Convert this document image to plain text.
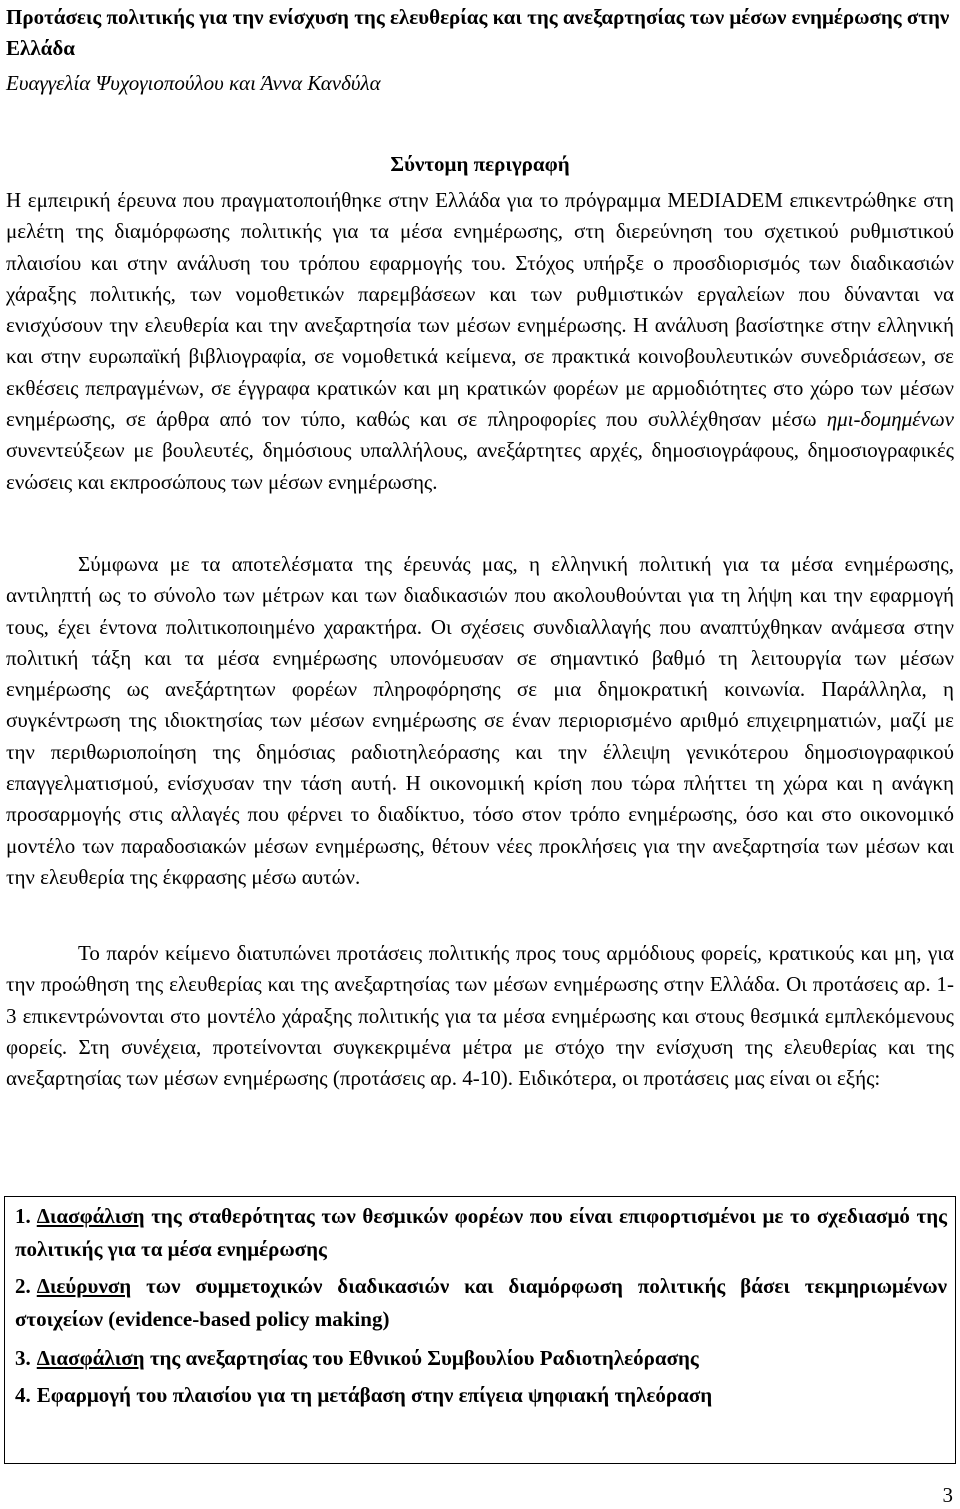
Προτάσεις πολιτικής για την ενίσχυση της ελευθερίας και της ανεξαρτησίας των μέσων ενημέρωσης στην Ελλάδα

Ευαγγελία Ψυχογιοπούλου και Άννα Κανδύλα

Σύντομη περιγραφή

Η εμπειρική έρευνα που πραγματοποιήθηκε στην Ελλάδα για το πρόγραμμα MEDIADEM επικεντρώθηκε στη μελέτη της διαμόρφωσης πολιτικής για τα μέσα ενημέρωσης, στη διερεύνηση του σχετικού ρυθμιστικού πλαισίου και στην ανάλυση του τρόπου εφαρμογής του. Στόχος υπήρξε ο προσδιορισμός των διαδικασιών χάραξης πολιτικής, των νομοθετικών παρεμβάσεων και των ρυθμιστικών εργαλείων που δύνανται να ενισχύσουν την ελευθερία και την ανεξαρτησία των μέσων ενημέρωσης. Η ανάλυση βασίστηκε στην ελληνική και στην ευρωπαϊκή βιβλιογραφία, σε νομοθετικά κείμενα, σε πρακτικά κοινοβουλευτικών συνεδριάσεων, σε εκθέσεις πεπραγμένων, σε έγγραφα κρατικών και μη κρατικών φορέων με αρμοδιότητες στο χώρο των μέσων ενημέρωσης, σε άρθρα από τον τύπο, καθώς και σε πληροφορίες που συλλέχθησαν μέσω ημι-δομημένων συνεντεύξεων με βουλευτές, δημόσιους υπαλλήλους, ανεξάρτητες αρχές, δημοσιογράφους, δημοσιογραφικές ενώσεις και εκπροσώπους των μέσων ενημέρωσης.

Σύμφωνα με τα αποτελέσματα της έρευνάς μας, η ελληνική πολιτική για τα μέσα ενημέρωσης, αντιληπτή ως το σύνολο των μέτρων και των διαδικασιών που ακολουθούνται για τη λήψη και την εφαρμογή τους, έχει έντονα πολιτικοποιημένο χαρακτήρα. Οι σχέσεις συνδιαλλαγής που αναπτύχθηκαν ανάμεσα στην πολιτική τάξη και τα μέσα ενημέρωσης υπονόμευσαν σε σημαντικό βαθμό τη λειτουργία των μέσων ενημέρωσης ως ανεξάρτητων φορέων πληροφόρησης σε μια δημοκρατική κοινωνία. Παράλληλα, η συγκέντρωση της ιδιοκτησίας των μέσων ενημέρωσης σε έναν περιορισμένο αριθμό επιχειρηματιών, μαζί με την περιθωριοποίηση της δημόσιας ραδιοτηλεόρασης και την έλλειψη γενικότερου δημοσιογραφικού επαγγελματισμού, ενίσχυσαν την τάση αυτή. Η οικονομική κρίση που τώρα πλήττει τη χώρα και η ανάγκη προσαρμογής στις αλλαγές που φέρνει το διαδίκτυο, τόσο στον τρόπο ενημέρωσης, όσο και στο οικονομικό μοντέλο των παραδοσιακών μέσων ενημέρωσης, θέτουν νέες προκλήσεις για την ανεξαρτησία των μέσων και την ελευθερία της έκφρασης μέσω αυτών.

Το παρόν κείμενο διατυπώνει προτάσεις πολιτικής προς τους αρμόδιους φορείς, κρατικούς και μη, για την προώθηση της ελευθερίας και της ανεξαρτησίας των μέσων ενημέρωσης στην Ελλάδα. Οι προτάσεις αρ. 1-3 επικεντρώνονται στο μοντέλο χάραξης πολιτικής για τα μέσα ενημέρωσης και στους θεσμικά εμπλεκόμενους φορείς. Στη συνέχεια, προτείνονται συγκεκριμένα μέτρα με στόχο την ενίσχυση της ελευθερίας και της ανεξαρτησίας των μέσων ενημέρωσης (προτάσεις αρ. 4-10). Ειδικότερα, οι προτάσεις μας είναι οι εξής:

1. Διασφάλιση της σταθερότητας των θεσμικών φορέων που είναι επιφορτισμένοι με το σχεδιασμό της πολιτικής για τα μέσα ενημέρωσης

2. Διεύρυνση των συμμετοχικών διαδικασιών και διαμόρφωση πολιτικής βάσει τεκμηριωμένων στοιχείων (evidence-based policy making)

3. Διασφάλιση της ανεξαρτησίας του Εθνικού Συμβουλίου Ραδιοτηλεόρασης

4. Εφαρμογή του πλαισίου για τη μετάβαση στην επίγεια ψηφιακή τηλεόραση

3
